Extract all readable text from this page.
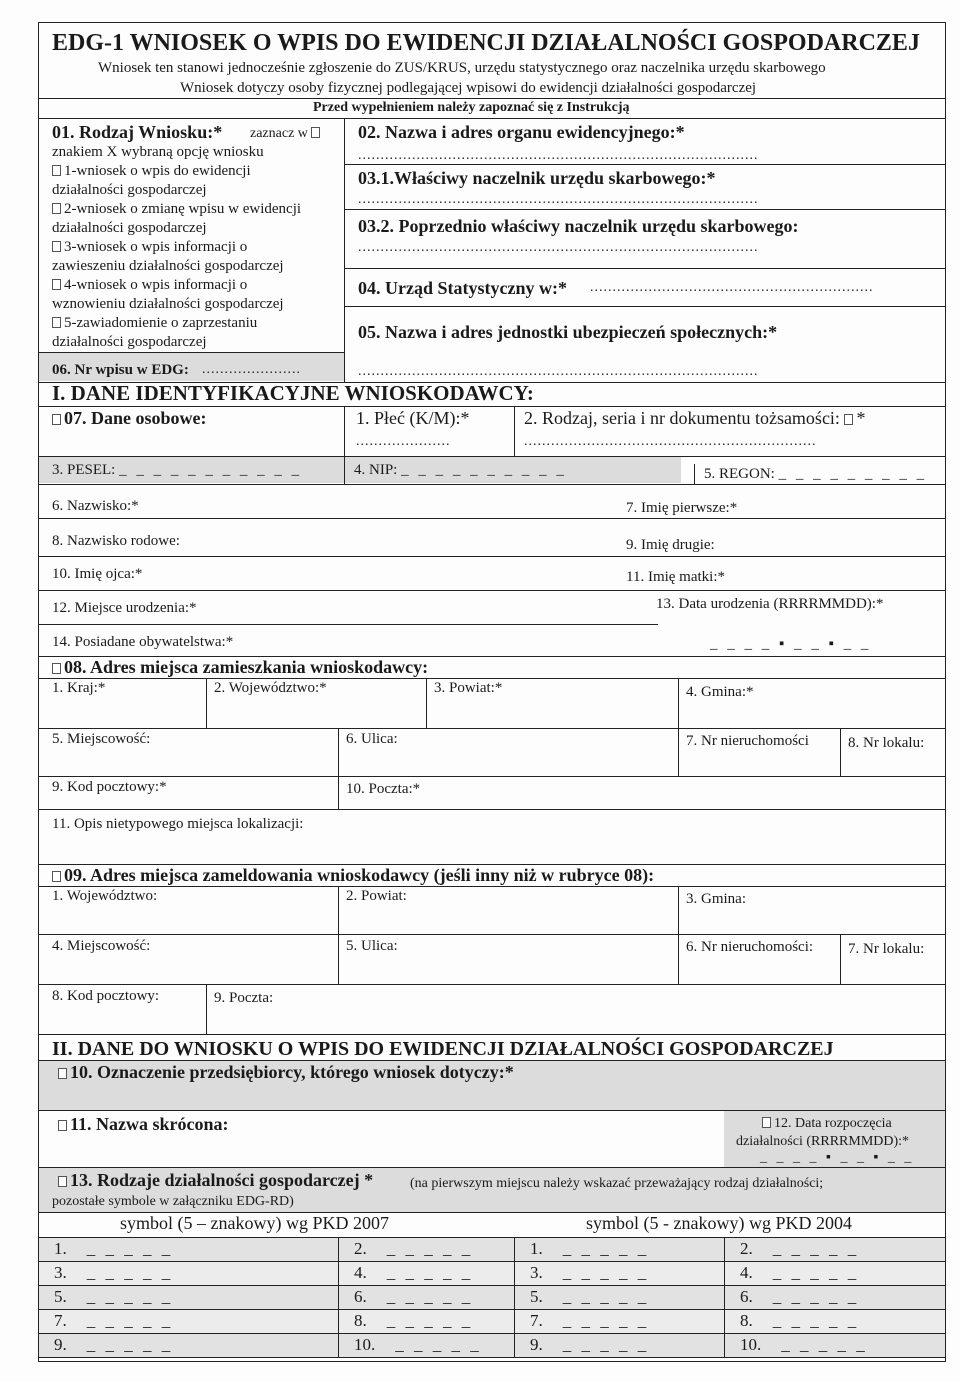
EDG-1 WNIOSEK O WPIS DO EWIDENCJI DZIAŁALNOŚCI GOSPODARCZEJ
Wniosek ten stanowi jednocześnie zgłoszenie do ZUS/KRUS, urzędu statystycznego oraz naczelnika urzędu skarbowego
Wniosek dotyczy osoby fizycznej podlegającej wpisowi do ewidencji działalności gospodarczej
Przed wypełnieniem należy zapoznać się z Instrukcją
01. Rodzaj Wniosku:* zaznacz w
znakiem X wybraną opcję wniosku
1-wniosek o wpis do ewidencji
działalności gospodarczej
2-wniosek o zmianę wpisu w ewidencji
działalności gospodarczej
3-wniosek o wpis informacji o
zawieszeniu działalności gospodarczej
4-wniosek o wpis informacji o
wznowieniu działalności gospodarczej
5-zawiadomienie o zaprzestaniu
działalności gospodarczej
02. Nazwa i adres organu ewidencyjnego:*
.........................................................................................
03.1.Właściwy naczelnik urzędu skarbowego:*
.........................................................................................
03.2. Poprzednio właściwy naczelnik urzędu skarbowego:
.........................................................................................
04. Urząd Statystyczny w:* ...............................................................
05. Nazwa i adres jednostki ubezpieczeń społecznych:*
.........................................................................................
06. Nr wpisu w EDG: ......................
I. DANE IDENTYFIKACYJNE WNIOSKODAWCY:
07. Dane osobowe:	1. Płeć (K/M):*
.....................
2. Rodzaj, seria i nr dokumentu tożsamości: *
.................................................................
3. PESEL: _ _ _ _ _ _ _ _ _ _ _	4. NIP: _ _ _ _ _ _ _ _ _ _	5. REGON: _ _ _ _ _ _ _ _ _
6. Nazwisko:*	7. Imię pierwsze:*
8. Nazwisko rodowe:	9. Imię drugie:
10. Imię ojca:*	11. Imię matki:*
12. Miejsce urodzenia:*	13. Data urodzenia (RRRRMMDD):*
14. Posiadane obywatelstwa:*	_ _ _ _ ▪ _ _ ▪ _ _
08. Adres miejsca zamieszkania wnioskodawcy:
1. Kraj:*	2. Województwo:*	3. Powiat:*	4. Gmina:*
5. Miejscowość:	6. Ulica:	7. Nr nieruchomości	8. Nr lokalu:
9. Kod pocztowy:*	10. Poczta:*
11. Opis nietypowego miejsca lokalizacji:
09. Adres miejsca zameldowania wnioskodawcy (jeśli inny niż w rubryce 08):
1. Województwo:	2. Powiat:	3. Gmina:
4. Miejscowość:	5. Ulica:	6. Nr nieruchomości: 7. Nr lokalu:
8. Kod pocztowy:	9. Poczta:
II. DANE DO WNIOSKU O WPIS DO EWIDENCJI DZIAŁALNOŚCI GOSPODARCZEJ
10. Oznaczenie przedsiębiorcy, którego wniosek dotyczy:*
11. Nazwa skrócona:	12. Data rozpoczęcia
działalności (RRRRMMDD):*
_ _ _ _ ▪ _ _ ▪ _ _
13. Rodzaje działalności gospodarczej *	(na pierwszym miejscu należy wskazać przeważający rodzaj działalności;
pozostałe symbole w załączniku EDG-RD)
symbol (5 – znakowy) wg PKD 2007	symbol (5 - znakowy) wg PKD 2004
1. _ _ _ _ _	2. _ _ _ _ _	1. _ _ _ _ _	2. _ _ _ _ _
3. _ _ _ _ _	4. _ _ _ _ _	3. _ _ _ _ _	4. _ _ _ _ _
5. _ _ _ _ _	6. _ _ _ _ _	5. _ _ _ _ _	6. _ _ _ _ _
7. _ _ _ _ _	8. _ _ _ _ _	7. _ _ _ _ _	8. _ _ _ _ _
9. _ _ _ _ _	10. _ _ _ _ _	9. _ _ _ _ _	10. _ _ _ _ _
